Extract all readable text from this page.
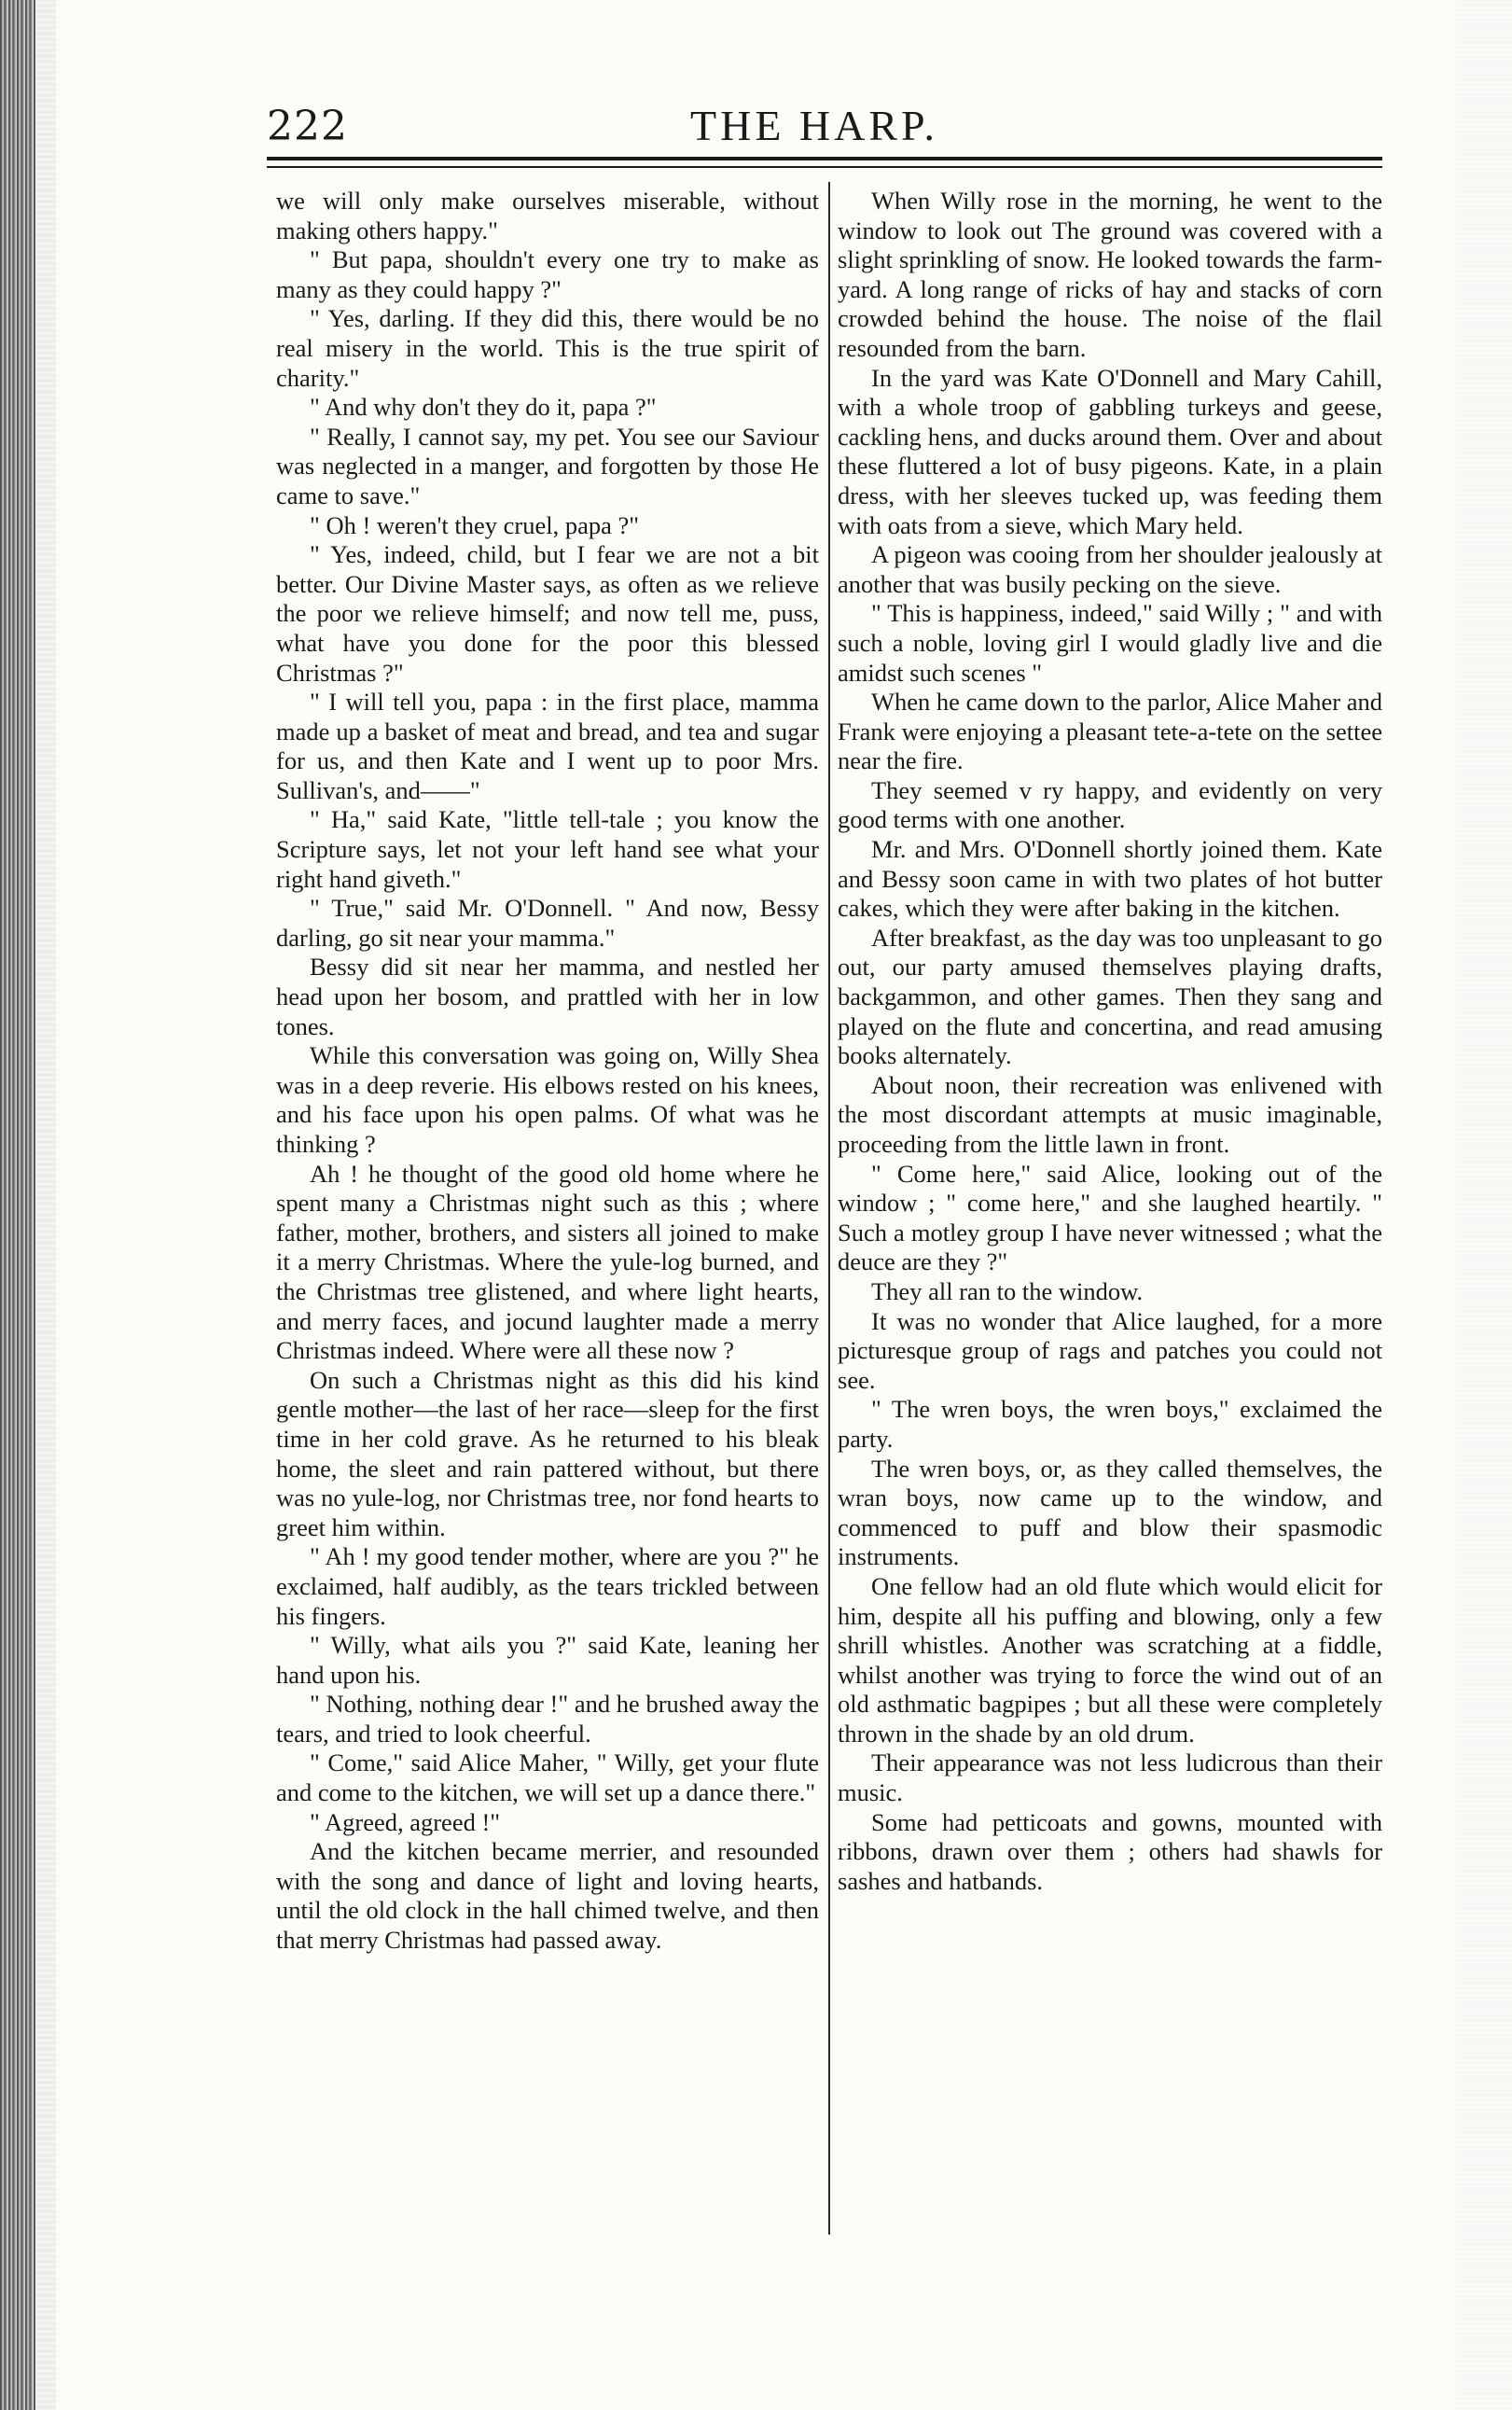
222	THE HARP.

we will only make ourselves miserable, without making others happy."

" But papa, shouldn't every one try to make as many as they could happy ?"

" Yes, darling. If they did this, there would be no real misery in the world. This is the true spirit of charity."

" And why don't they do it, papa ?"

" Really, I cannot say, my pet. You see our Saviour was neglected in a manger, and forgotten by those He came to save."

" Oh ! weren't they cruel, papa ?"

" Yes, indeed, child, but I fear we are not a bit better. Our Divine Master says, as often as we relieve the poor we relieve himself; and now tell me, puss, what have you done for the poor this blessed Christmas ?"

" I will tell you, papa : in the first place, mamma made up a basket of meat and bread, and tea and sugar for us, and then Kate and I went up to poor Mrs. Sullivan's, and——"

" Ha," said Kate, "little tell-tale ; you know the Scripture says, let not your left hand see what your right hand giveth."

" True," said Mr. O'Donnell. " And now, Bessy darling, go sit near your mamma."

Bessy did sit near her mamma, and nestled her head upon her bosom, and prattled with her in low tones.

While this conversation was going on, Willy Shea was in a deep reverie. His elbows rested on his knees, and his face upon his open palms. Of what was he thinking ?

Ah ! he thought of the good old home where he spent many a Christmas night such as this ; where father, mother, brothers, and sisters all joined to make it a merry Christmas. Where the yule-log burned, and the Christmas tree glistened, and where light hearts, and merry faces, and jocund laughter made a merry Christmas indeed. Where were all these now ?

On such a Christmas night as this did his kind gentle mother—the last of her race—sleep for the first time in her cold grave. As he returned to his bleak home, the sleet and rain pattered without, but there was no yule-log, nor Christmas tree, nor fond hearts to greet him within.

" Ah ! my good tender mother, where are you ?" he exclaimed, half audibly, as the tears trickled between his fingers.

" Willy, what ails you ?" said Kate, leaning her hand upon his.

" Nothing, nothing dear !" and he brushed away the tears, and tried to look cheerful.

" Come," said Alice Maher, " Willy, get your flute and come to the kitchen, we will set up a dance there."

" Agreed, agreed !"

And the kitchen became merrier, and resounded with the song and dance of light and loving hearts, until the old clock in the hall chimed twelve, and then that merry Christmas had passed away.

When Willy rose in the morning, he went to the window to look out The ground was covered with a slight sprinkling of snow. He looked towards the farm-yard. A long range of ricks of hay and stacks of corn crowded behind the house. The noise of the flail resounded from the barn.

In the yard was Kate O'Donnell and Mary Cahill, with a whole troop of gabbling turkeys and geese, cackling hens, and ducks around them. Over and about these fluttered a lot of busy pigeons. Kate, in a plain dress, with her sleeves tucked up, was feeding them with oats from a sieve, which Mary held.

A pigeon was cooing from her shoulder jealously at another that was busily pecking on the sieve.

" This is happiness, indeed," said Willy ; " and with such a noble, loving girl I would gladly live and die amidst such scenes "

When he came down to the parlor, Alice Maher and Frank were enjoying a pleasant tete-a-tete on the settee near the fire.

They seemed v ry happy, and evidently on very good terms with one another.

Mr. and Mrs. O'Donnell shortly joined them. Kate and Bessy soon came in with two plates of hot butter cakes, which they were after baking in the kitchen.

After breakfast, as the day was too unpleasant to go out, our party amused themselves playing drafts, backgammon, and other games. Then they sang and played on the flute and concertina, and read amusing books alternately.

About noon, their recreation was enlivened with the most discordant attempts at music imaginable, proceeding from the little lawn in front.

" Come here," said Alice, looking out of the window ; " come here," and she laughed heartily. " Such a motley group I have never witnessed ; what the deuce are they ?"

They all ran to the window.

It was no wonder that Alice laughed, for a more picturesque group of rags and patches you could not see.

" The wren boys, the wren boys," exclaimed the party.

The wren boys, or, as they called themselves, the wran boys, now came up to the window, and commenced to puff and blow their spasmodic instruments.

One fellow had an old flute which would elicit for him, despite all his puffing and blowing, only a few shrill whistles. Another was scratching at a fiddle, whilst another was trying to force the wind out of an old asthmatic bagpipes ; but all these were completely thrown in the shade by an old drum.

Their appearance was not less ludicrous than their music.

Some had petticoats and gowns, mounted with ribbons, drawn over them ; others had shawls for sashes and hatbands.
